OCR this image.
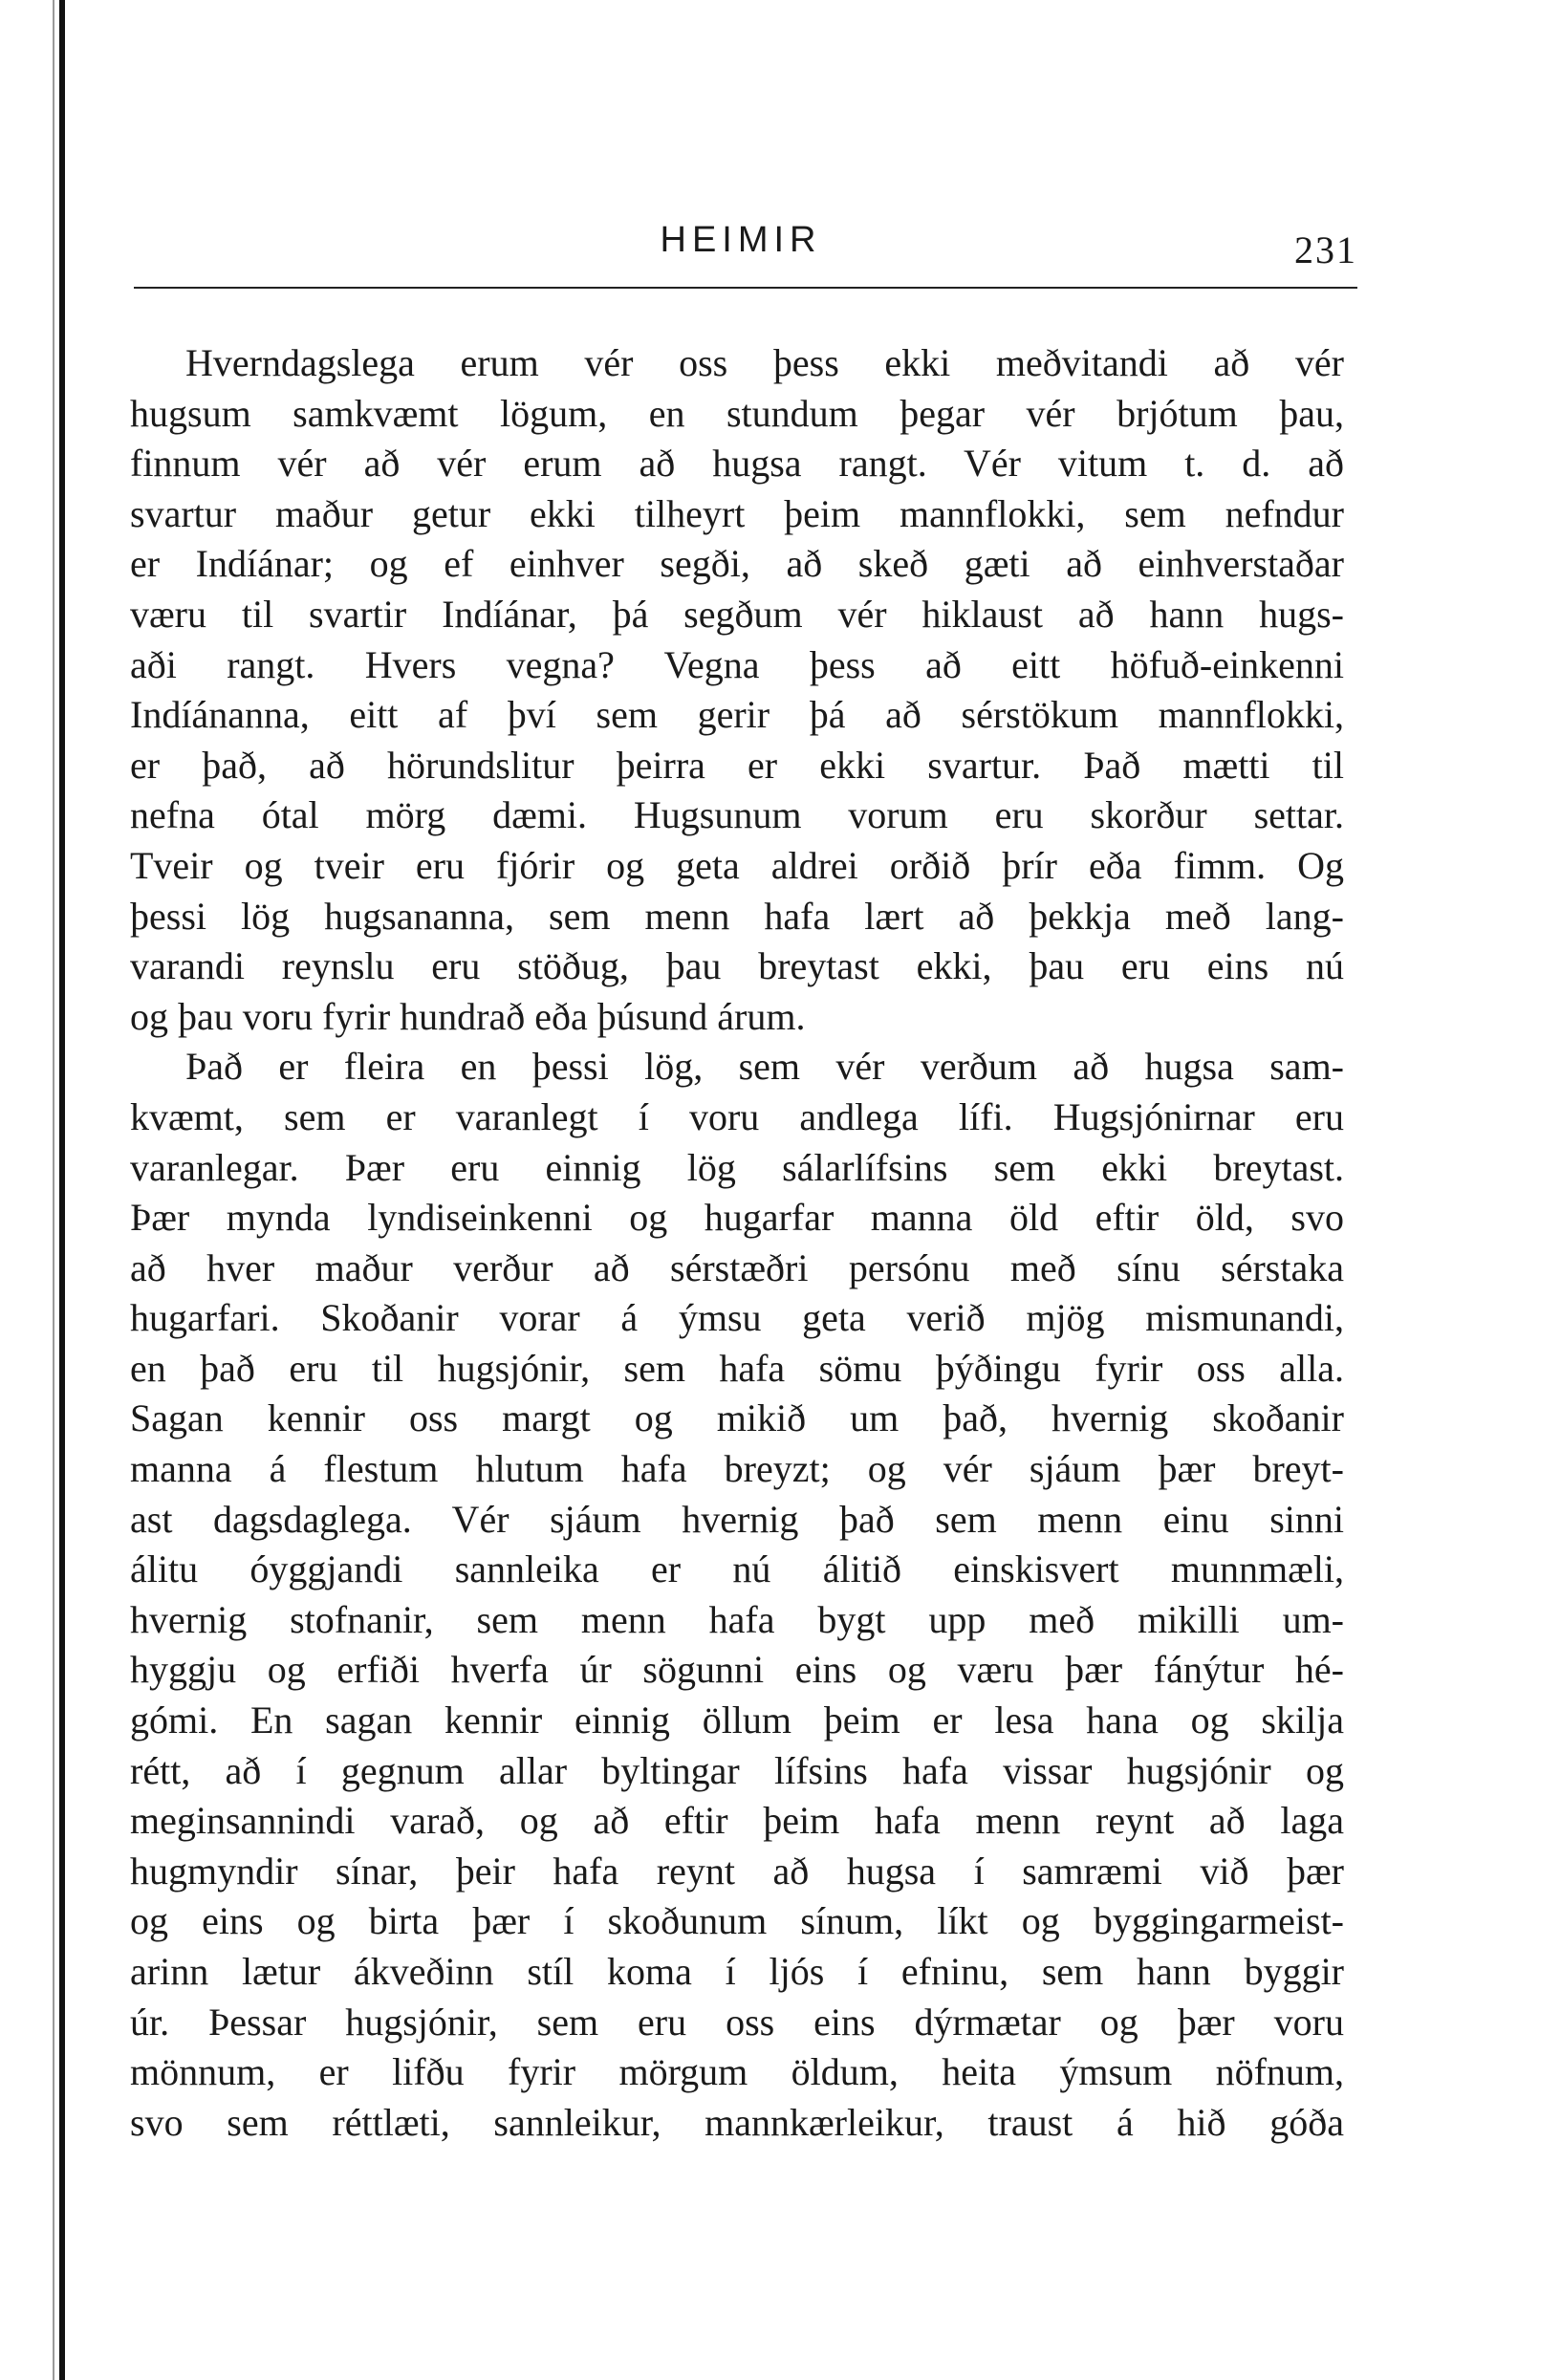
HEIMIR	231
Hverndagslega erum vér oss þess ekki meðvitandi að vér
hugsum samkvæmt lögum, en stundum þegar vér brjótum þau,
finnum vér að vér erum að hugsa rangt. Vér vitum t. d. að
svartur maður getur ekki tilheyrt þeim mannflokki, sem nefndur
er Indíánar; og ef einhver segði, að skeð gæti að einhverstaðar
væru til svartir Indíánar, þá segðum vér hiklaust að hann hugs-
aði rangt. Hvers vegna? Vegna þess að eitt höfuð-einkenni
Indíánanna, eitt af því sem gerir þá að sérstökum mannflokki,
er það, að hörundslitur þeirra er ekki svartur. Það mætti til
nefna ótal mörg dæmi. Hugsunum vorum eru skorður settar.
Tveir og tveir eru fjórir og geta aldrei orðið þrír eða fimm. Og
þessi lög hugsananna, sem menn hafa lært að þekkja með lang-
varandi reynslu eru stöðug, þau breytast ekki, þau eru eins nú
og þau voru fyrir hundrað eða þúsund árum.
Það er fleira en þessi lög, sem vér verðum að hugsa sam-
kvæmt, sem er varanlegt í voru andlega lífi. Hugsjónirnar eru
varanlegar. Þær eru einnig lög sálarlífsins sem ekki breytast.
Þær mynda lyndiseinkenni og hugarfar manna öld eftir öld, svo
að hver maður verður að sérstæðri persónu með sínu sérstaka
hugarfari. Skoðanir vorar á ýmsu geta verið mjög mismunandi,
en það eru til hugsjónir, sem hafa sömu þýðingu fyrir oss alla.
Sagan kennir oss margt og mikið um það, hvernig skoðanir
manna á flestum hlutum hafa breyzt; og vér sjáum þær breyt-
ast dagsdaglega. Vér sjáum hvernig það sem menn einu sinni
álitu óyggjandi sannleika er nú álitið einskisvert munnmæli,
hvernig stofnanir, sem menn hafa bygt upp með mikilli um-
hyggju og erfiði hverfa úr sögunni eins og væru þær fánýtur hé-
gómi. En sagan kennir einnig öllum þeim er lesa hana og skilja
rétt, að í gegnum allar byltingar lífsins hafa vissar hugsjónir og
meginsannindi varað, og að eftir þeim hafa menn reynt að laga
hugmyndir sínar, þeir hafa reynt að hugsa í samræmi við þær
og eins og birta þær í skoðunum sínum, líkt og byggingarmeist-
arinn lætur ákveðinn stíl koma í ljós í efninu, sem hann byggir
úr. Þessar hugsjónir, sem eru oss eins dýrmætar og þær voru
mönnum, er lifðu fyrir mörgum öldum, heita ýmsum nöfnum,
svo sem réttlæti, sannleikur, mannkærleikur, traust á hið góða
